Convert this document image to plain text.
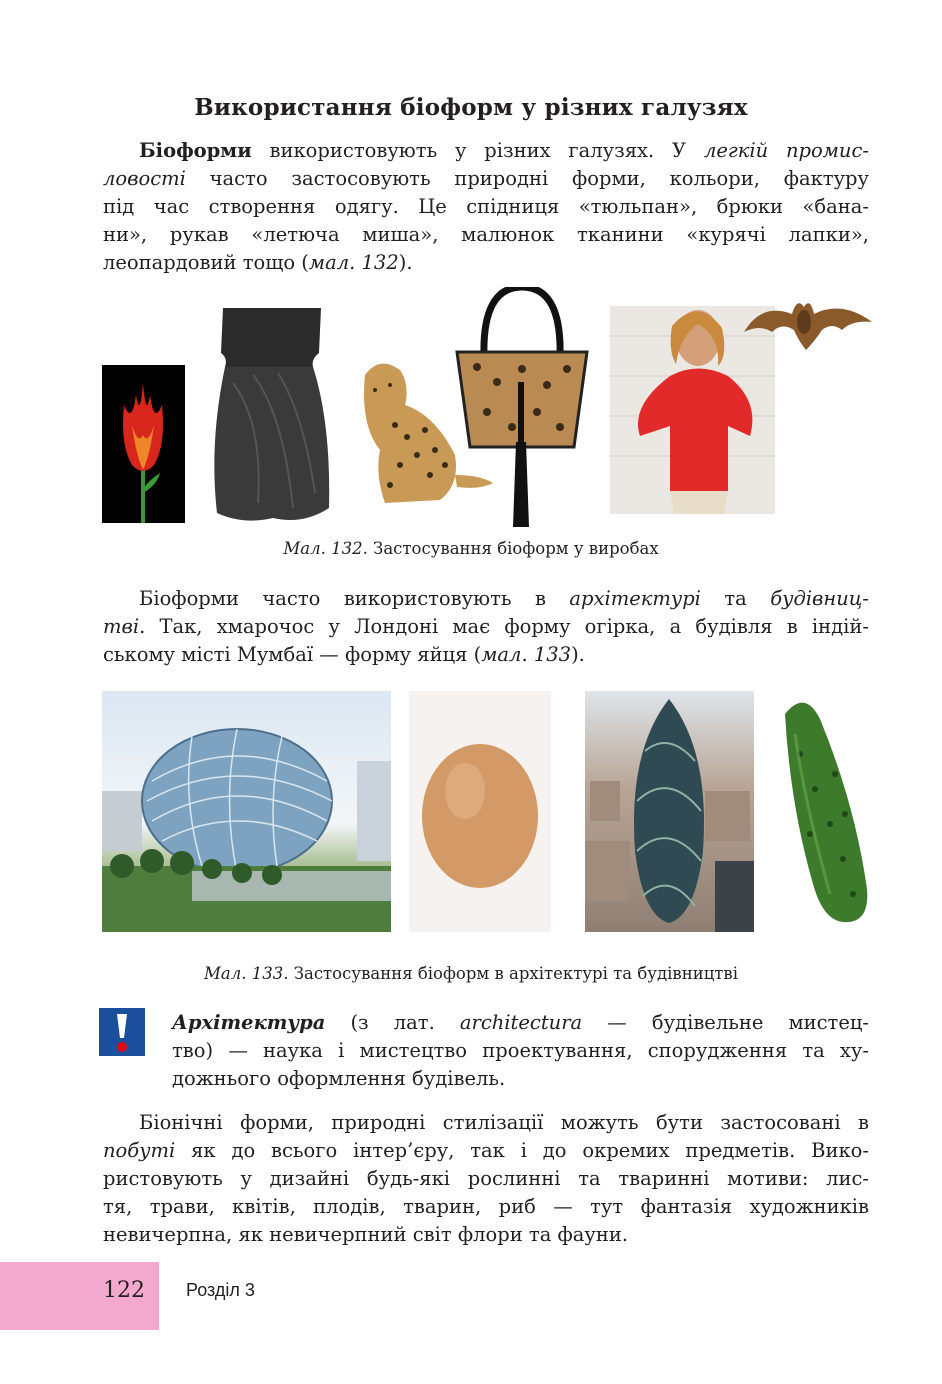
Використання біоформ у різних галузях
Біоформи використовують у різних галузях. У легкій промис-
ловості часто застосовують природні форми, кольори, фактуру
під час створення одягу. Це спідниця «тюльпан», брюки «бана-
ни», рукав «летюча миша», малюнок тканини «курячі лапки»,
леопардовий тощо (мал. 132).
Мал. 132. Застосування біоформ у виробах
Біоформи часто використовують в архітектурі та будівниц-
тві. Так, хмарочос у Лондоні має форму огірка, а будівля в індій-
ському місті Мумбаї — форму яйця (мал. 133).
Мал. 133. Застосування біоформ в архітектурі та будівництві
Архітектура (з лат. architectura — будівельне мистец-
тво) — наука і мистецтво проектування, спорудження та ху-
дожнього оформлення будівель.
Біонічні форми, природні стилізації можуть бути застосовані в
побуті як до всього інтер’єру, так і до окремих предметів. Вико-
ристовують у дизайні будь-які рослинні та тваринні мотиви: лис-
тя, трави, квітів, плодів, тварин, риб — тут фантазія художників
невичерпна, як невичерпний світ флори та фауни.
122 Розділ 3
